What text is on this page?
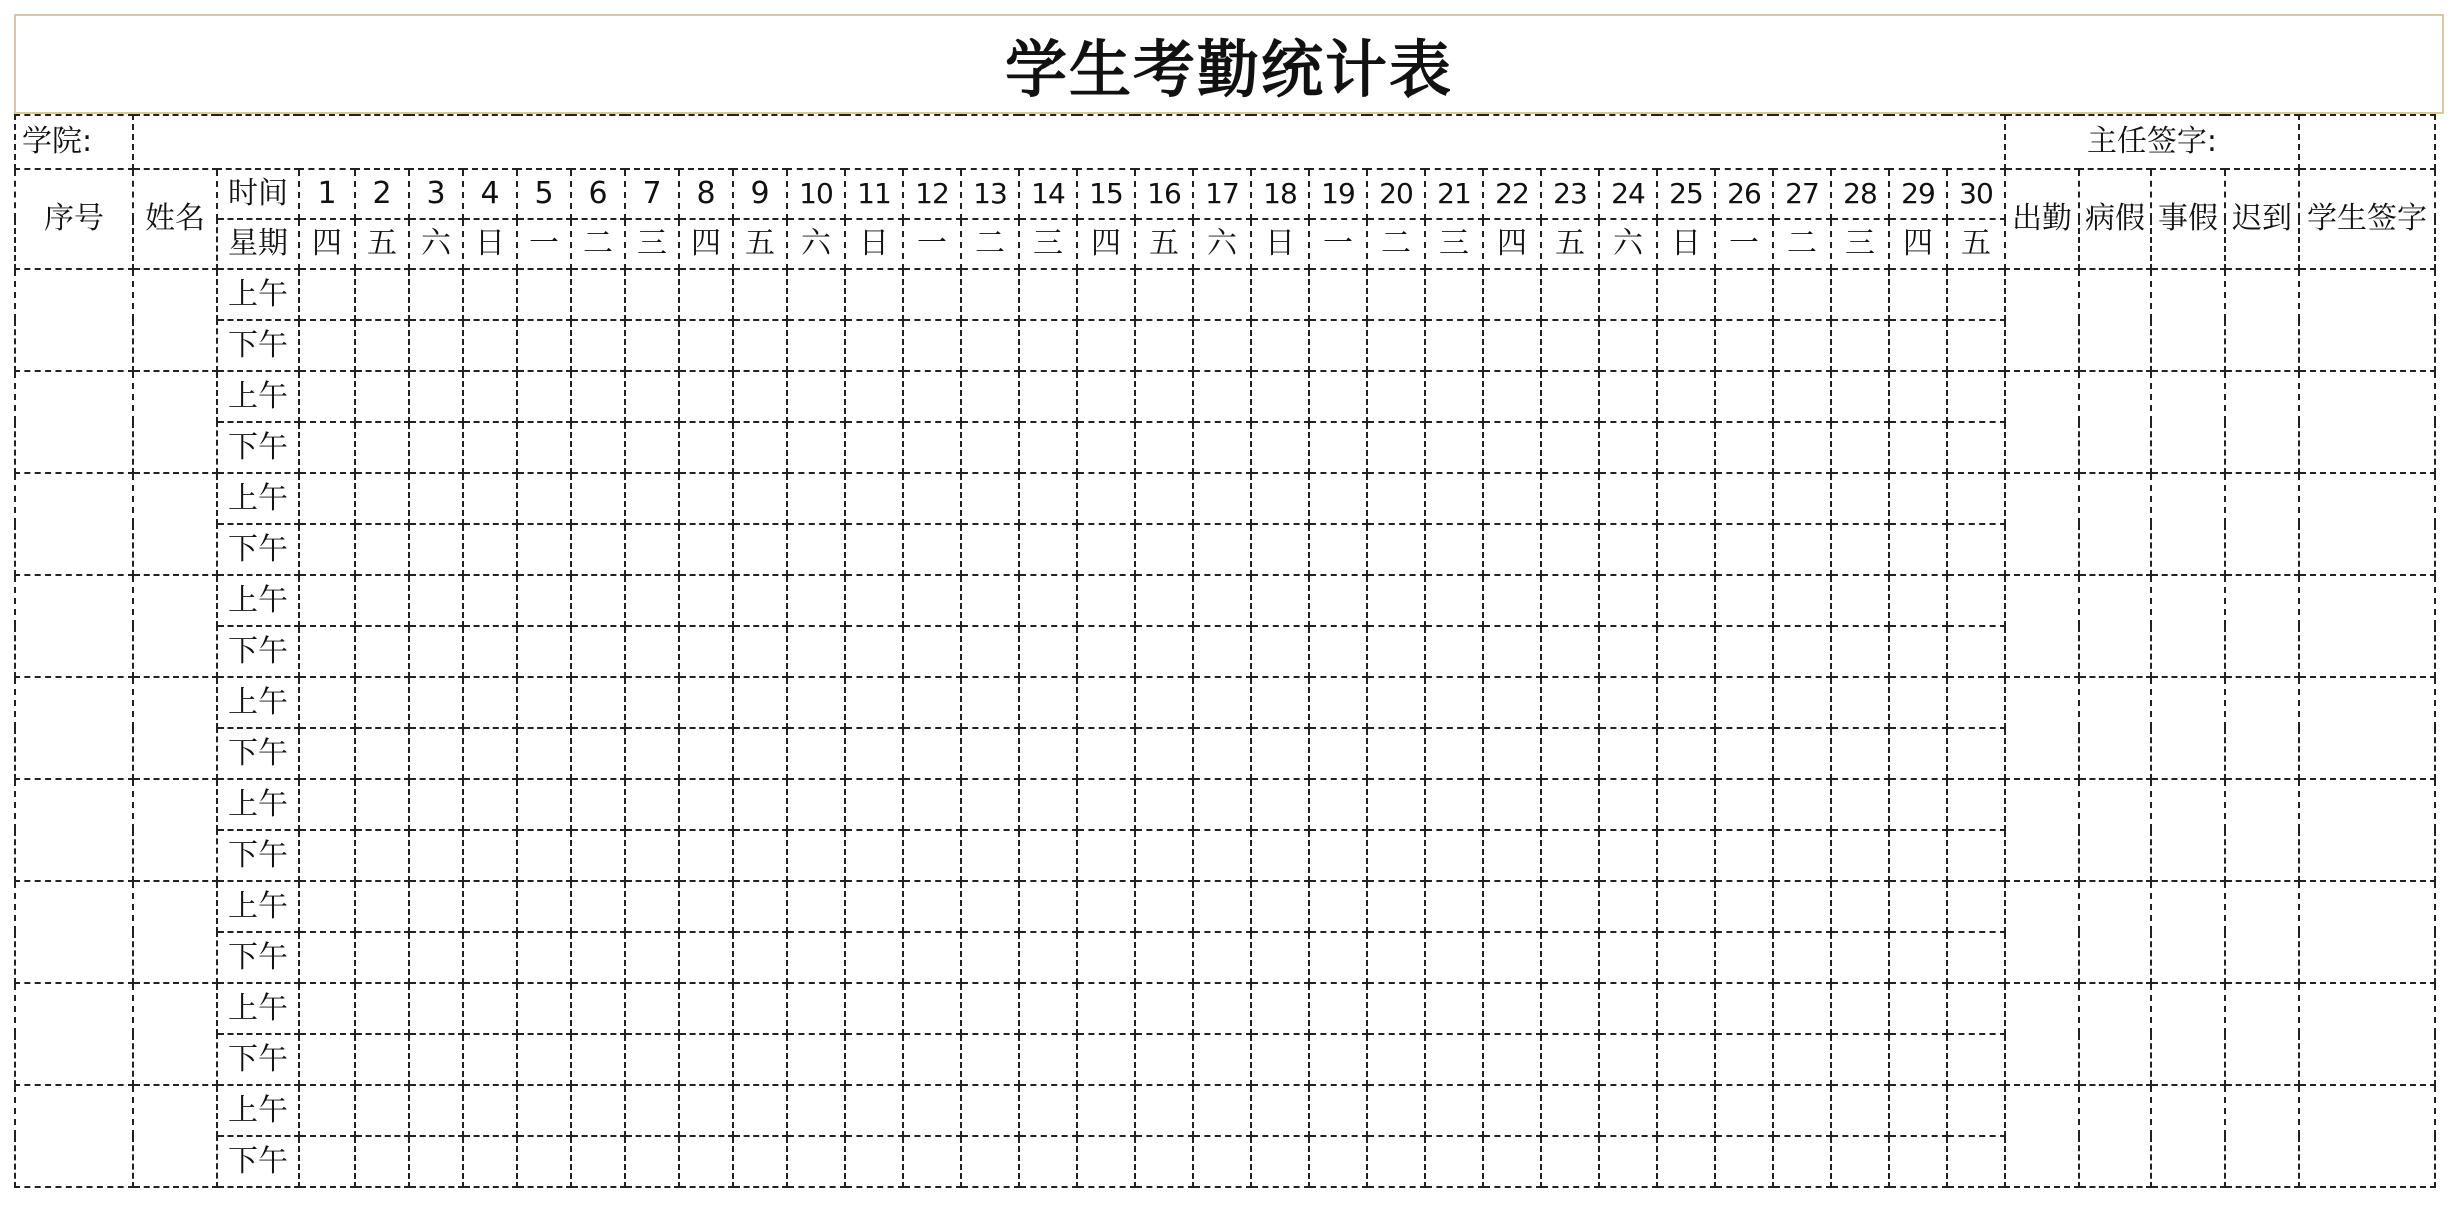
学生考勤统计表
学院:																																	主任签字:				
序号	姓名	时间	1	2	3	4	5	6	7	8	9	10	11	12	13	14	15	16	17	18	19	20	21	22	23	24	25	26	27	28	29	30	出勤	病假	事假	迟到	学生签字
		星期	四	五	六	日	一	二	三	四	五	六	日	一	二	三	四	五	六	日	一	二	三	四	五	六	日	一	二	三	四	五					
		上午																																			
		下午																																			
		上午																																			
		下午																																			
		上午																																			
		下午																																			
		上午																																			
		下午																																			
		上午																																			
		下午																																			
		上午																																			
		下午																																			
		上午																																			
		下午																																			
		上午																																			
		下午																																			
		上午																																			
		下午																																			
